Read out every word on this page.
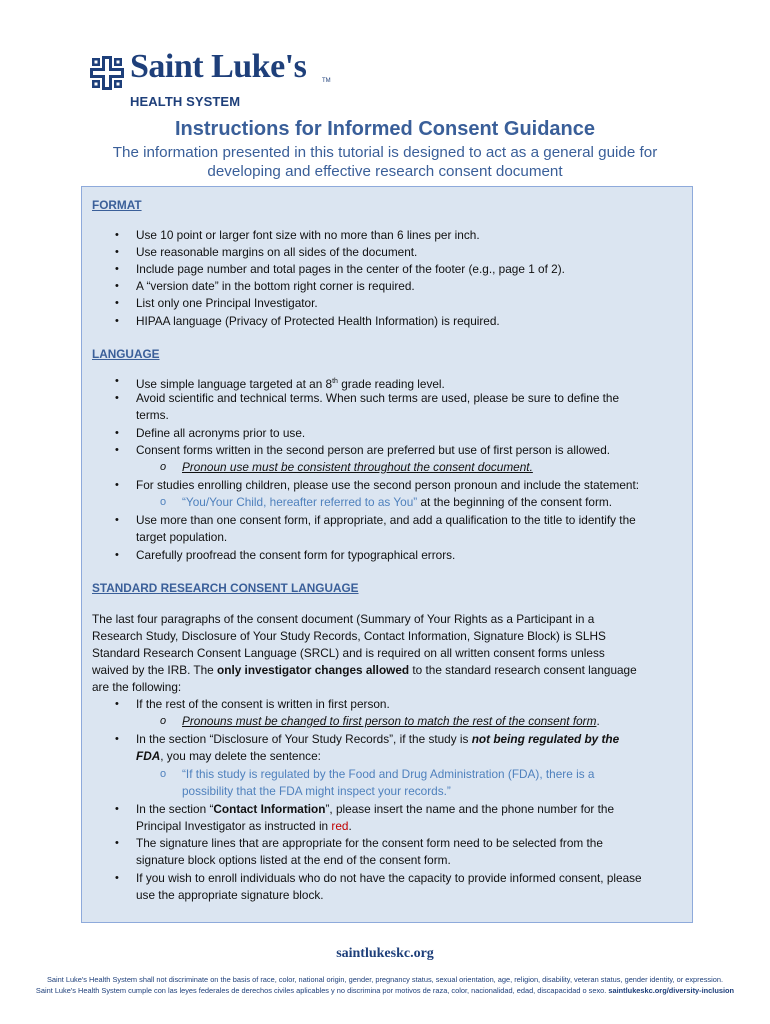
Saint Luke's	TM
HEALTH SYSTEM
Instructions for Informed Consent Guidance
The information presented in this tutorial is designed to act as a general guide for developing and effective research consent document
FORMAT
• Use 10 point or larger font size with no more than 6 lines per inch.
• Use reasonable margins on all sides of the document.
• Include page number and total pages in the center of the footer (e.g., page 1 of 2).
• A “version date” in the bottom right corner is required.
• List only one Principal Investigator.
• HIPAA language (Privacy of Protected Health Information) is required.
LANGUAGE
• Use simple language targeted at an 8th grade reading level.
• Avoid scientific and technical terms. When such terms are used, please be sure to define the
terms.
• Define all acronyms prior to use.
• Consent forms written in the second person are preferred but use of first person is allowed.
o Pronoun use must be consistent throughout the consent document.
• For studies enrolling children, please use the second person pronoun and include the statement:
o “You/Your Child, hereafter referred to as You” at the beginning of the consent form.
• Use more than one consent form, if appropriate, and add a qualification to the title to identify the
target population.
• Carefully proofread the consent form for typographical errors.
STANDARD RESEARCH CONSENT LANGUAGE
The last four paragraphs of the consent document (Summary of Your Rights as a Participant in a
Research Study, Disclosure of Your Study Records, Contact Information, Signature Block) is SLHS
Standard Research Consent Language (SRCL) and is required on all written consent forms unless
waived by the IRB. The only investigator changes allowed to the standard research consent language
are the following:
• If the rest of the consent is written in first person.
o Pronouns must be changed to first person to match the rest of the consent form.
• In the section “Disclosure of Your Study Records”, if the study is not being regulated by the
FDA, you may delete the sentence:
o “If this study is regulated by the Food and Drug Administration (FDA), there is a
possibility that the FDA might inspect your records.”
• In the section “Contact Information”, please insert the name and the phone number for the
Principal Investigator as instructed in red.
• The signature lines that are appropriate for the consent form need to be selected from the
signature block options listed at the end of the consent form.
• If you wish to enroll individuals who do not have the capacity to provide informed consent, please
use the appropriate signature block.
saintlukeskc.org
Saint Luke's Health System shall not discriminate on the basis of race, color, national origin, gender, pregnancy status, sexual orientation, age, religion, disability, veteran status, gender identity, or expression.
Saint Luke's Health System cumple con las leyes federales de derechos civiles aplicables y no discrimina por motivos de raza, color, nacionalidad, edad, discapacidad o sexo. saintlukeskc.org/diversity-inclusion
